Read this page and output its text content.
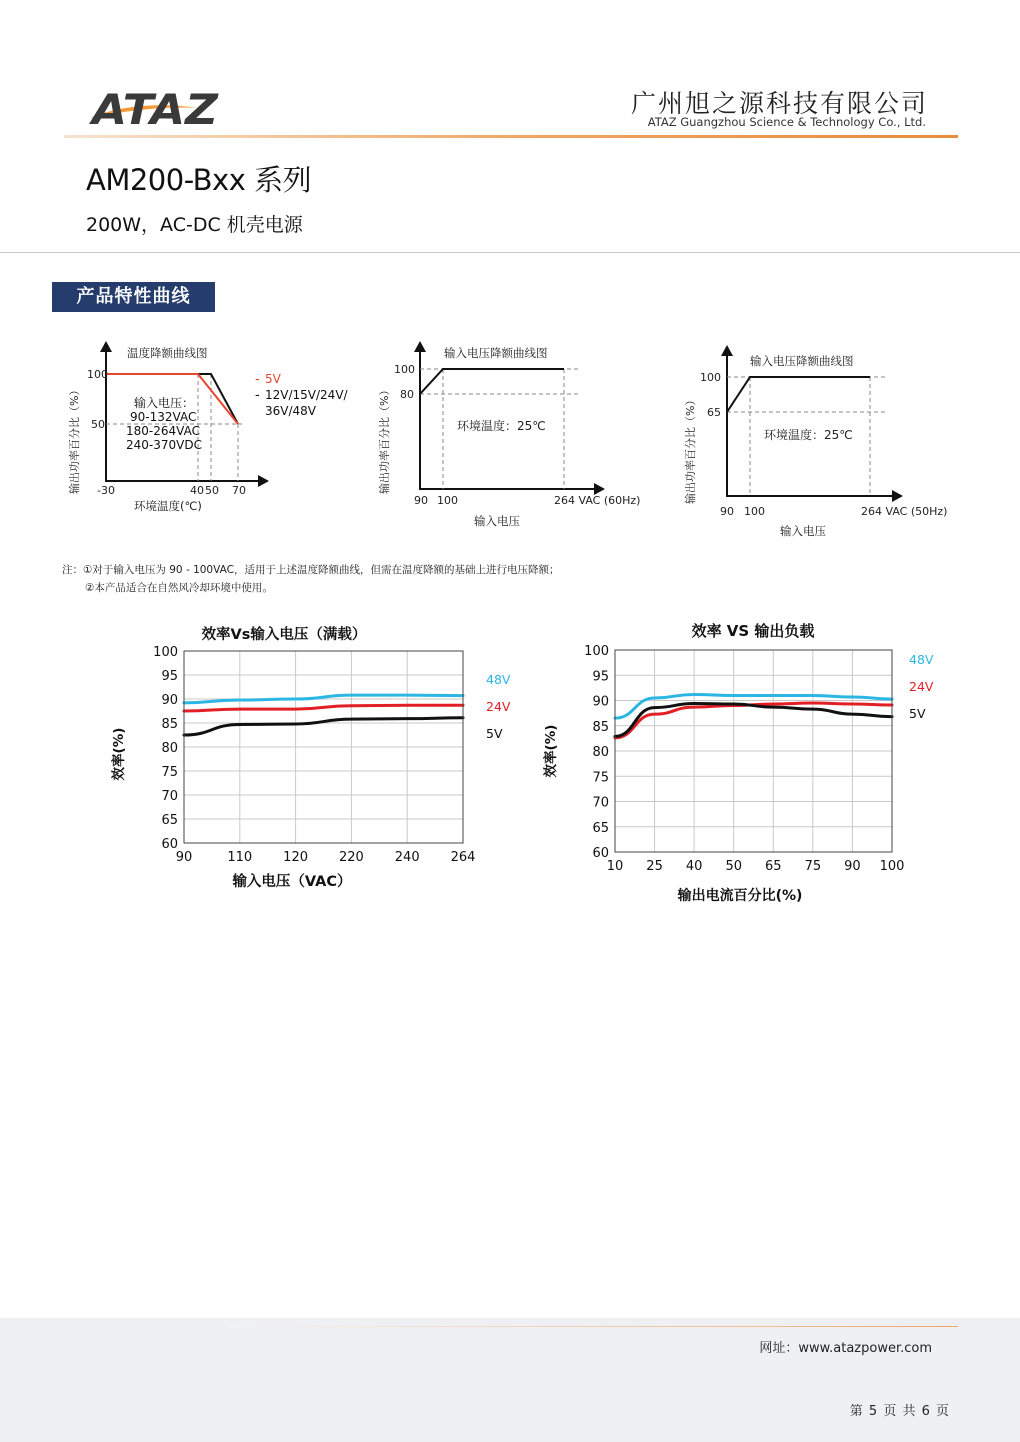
ATAZ	广州旭之源科技有限公司
ATAZ Guangzhou Science & Technology Co., Ltd.
AM200-Bxx 系列
200W，AC-DC 机壳电源
产品特性曲线
温度降额曲线图
100
50
-30	40 50 70
环境温度(℃)
输出功率百分比（%）	输入电压：
90-132VAC
180-264VAC
240-370VDC
- 5V
- 12V/15V/24V/
36V/48V
输入电压降额曲线图
100
80
90 100	264 VAC (60Hz)
输入电压
输出功率百分比（%）	环境温度：25℃
输入电压降额曲线图
100
65
90 100	264 VAC (50Hz)
输入电压
输出功率百分比（%）	环境温度：25℃
注：①对于输入电压为 90 - 100VAC，适用于上述温度降额曲线，但需在温度降额的基础上进行电压降额；
②本产品适合在自然风冷却环境中使用。
效率Vs输入电压（满载）
100
95
90
85
80
75
70
65
60
90	110 120 220 240 264
输入电压（VAC）
效率(%)
48V
24V
5V
效率 VS 输出负载
100
95
90
85
80
75
70
65
60
10 25 40 50 65 75 90 100
输出电流百分比(%)
效率(%)
48V
24V
5V
网址：www.atazpower.com
第 5 页 共 6 页
